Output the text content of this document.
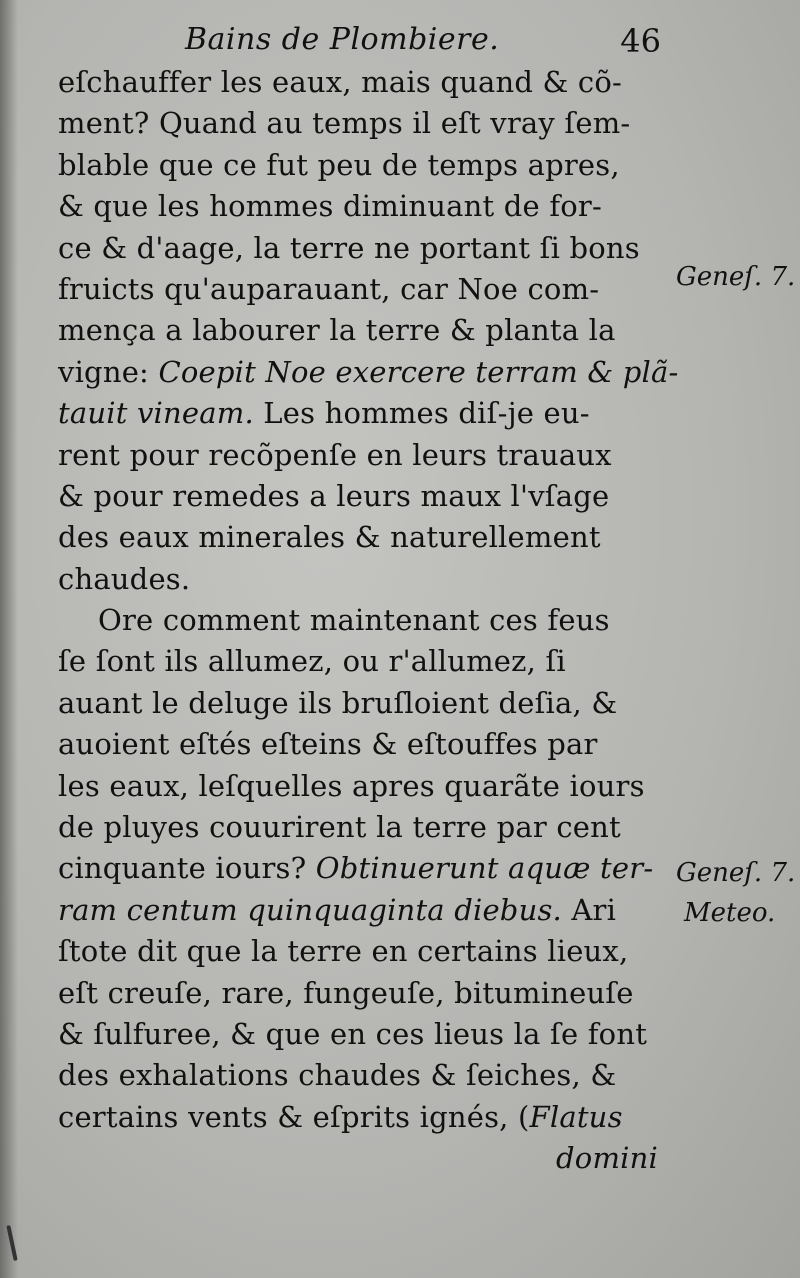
Bains de Plombiere.	46
eſchauffer les eaux, mais quand & cõ-
ment? Quand au temps il eſt vray ſem-
blable que ce fut peu de temps apres,
& que les hommes diminuant de for-
ce & d'aage, la terre ne portant ſi bons
fruicts qu'auparauant, car Noe com-
mença a labourer la terre & planta la
vigne: Coepit Noe exercere terram & plã-
tauit vineam. Les hommes diſ-je eu-
rent pour recõpenſe en leurs trauaux
& pour remedes a leurs maux l'vſage
des eaux minerales & naturellement
chaudes.
Ore comment maintenant ces feus
ſe ſont ils allumez, ou r'allumez, ſi
auant le deluge ils bruſloient deſia, &
auoient eſtés eſteins & eſtouffes par
les eaux, leſquelles apres quarãte iours
de pluyes couurirent la terre par cent
cinquante iours? Obtinuerunt aquæ ter-
ram centum quinquaginta diebus. Ari
ſtote dit que la terre en certains lieux,
eſt creuſe, rare, fungeuſe, bitumineuſe
& ſulfuree, & que en ces lieus la ſe font
des exhalations chaudes & ſeiches, &
certains vents & eſprits ignés, (Flatus
domini
Geneſ. 7.
Geneſ. 7.
Meteo.
